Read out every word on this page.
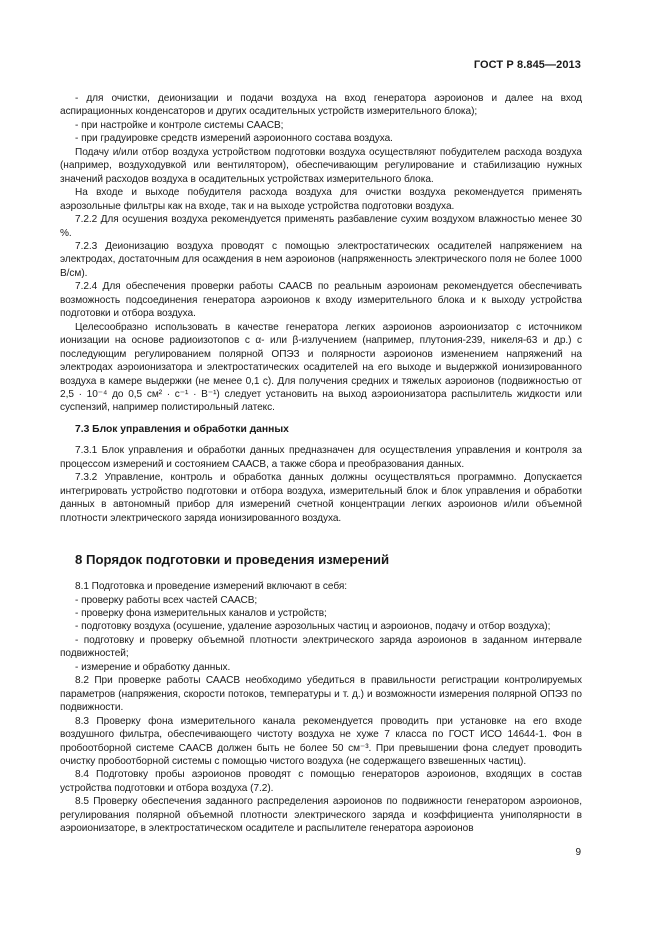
ГОСТ Р 8.845—2013

- для очистки, деионизации и подачи воздуха на вход генератора аэроионов и далее на вход аспирационных конденсаторов и других осадительных устройств измерительного блока);

- при настройке и контроле системы СААСВ;

- при градуировке средств измерений аэроионного состава воздуха.

Подачу и/или отбор воздуха устройством подготовки воздуха осуществляют побудителем расхода воздуха (например, воздуходувкой или вентилятором), обеспечивающим регулирование и стабилизацию нужных значений расходов воздуха в осадительных устройствах измерительного блока.

На входе и выходе побудителя расхода воздуха для очистки воздуха рекомендуется применять аэрозольные фильтры как на входе, так и на выходе устройства подготовки воздуха.

7.2.2 Для осушения воздуха рекомендуется применять разбавление сухим воздухом влажностью менее 30 %.

7.2.3 Деионизацию воздуха проводят с помощью электростатических осадителей напряжением на электродах, достаточным для осаждения в нем аэроионов (напряженность электрического поля не более 1000 В/см).

7.2.4 Для обеспечения проверки работы СААСВ по реальным аэроионам рекомендуется обеспечивать возможность подсоединения генератора аэроионов к входу измерительного блока и к выходу устройства подготовки и отбора воздуха.

Целесообразно использовать в качестве генератора легких аэроионов аэроионизатор с источником ионизации на основе радиоизотопов с α- или β-излучением (например, плутония-239, никеля-63 и др.) с последующим регулированием полярной ОПЭЗ и полярности аэроионов изменением напряжений на электродах аэроионизатора и электростатических осадителей на его выходе и выдержкой ионизированного воздуха в камере выдержки (не менее 0,1 с). Для получения средних и тяжелых аэроионов (подвижностью от 2,5 · 10⁻⁴ до 0,5 см² · с⁻¹ · В⁻¹) следует установить на выход аэроионизатора распылитель жидкости или суспензий, например полистирольный латекс.

7.3 Блок управления и обработки данных

7.3.1 Блок управления и обработки данных предназначен для осуществления управления и контроля за процессом измерений и состоянием СААСВ, а также сбора и преобразования данных.

7.3.2 Управление, контроль и обработка данных должны осуществляться программно. Допускается интегрировать устройство подготовки и отбора воздуха, измерительный блок и блок управления и обработки данных в автономный прибор для измерений счетной концентрации легких аэроионов и/или объемной плотности электрического заряда ионизированного воздуха.

8 Порядок подготовки и проведения измерений

8.1 Подготовка и проведение измерений включают в себя:

- проверку работы всех частей СААСВ;

- проверку фона измерительных каналов и устройств;

- подготовку воздуха (осушение, удаление аэрозольных частиц и аэроионов, подачу и отбор воздуха);

- подготовку и проверку объемной плотности электрического заряда аэроионов в заданном интервале подвижностей;

- измерение и обработку данных.

8.2 При проверке работы СААСВ необходимо убедиться в правильности регистрации контролируемых параметров (напряжения, скорости потоков, температуры и т. д.) и возможности измерения полярной ОПЭЗ по подвижности.

8.3 Проверку фона измерительного канала рекомендуется проводить при установке на его входе воздушного фильтра, обеспечивающего чистоту воздуха не хуже 7 класса по ГОСТ ИСО 14644-1. Фон в пробоотборной системе СААСВ должен быть не более 50 см⁻³. При превышении фона следует проводить очистку пробоотборной системы с помощью чистого воздуха (не содержащего взвешенных частиц).

8.4 Подготовку пробы аэроионов проводят с помощью генераторов аэроионов, входящих в состав устройства подготовки и отбора воздуха (7.2).

8.5 Проверку обеспечения заданного распределения аэроионов по подвижности генератором аэроионов, регулирования полярной объемной плотности электрического заряда и коэффициента униполярности в аэроионизаторе, в электростатическом осадителе и распылителе генератора аэроионов

9
